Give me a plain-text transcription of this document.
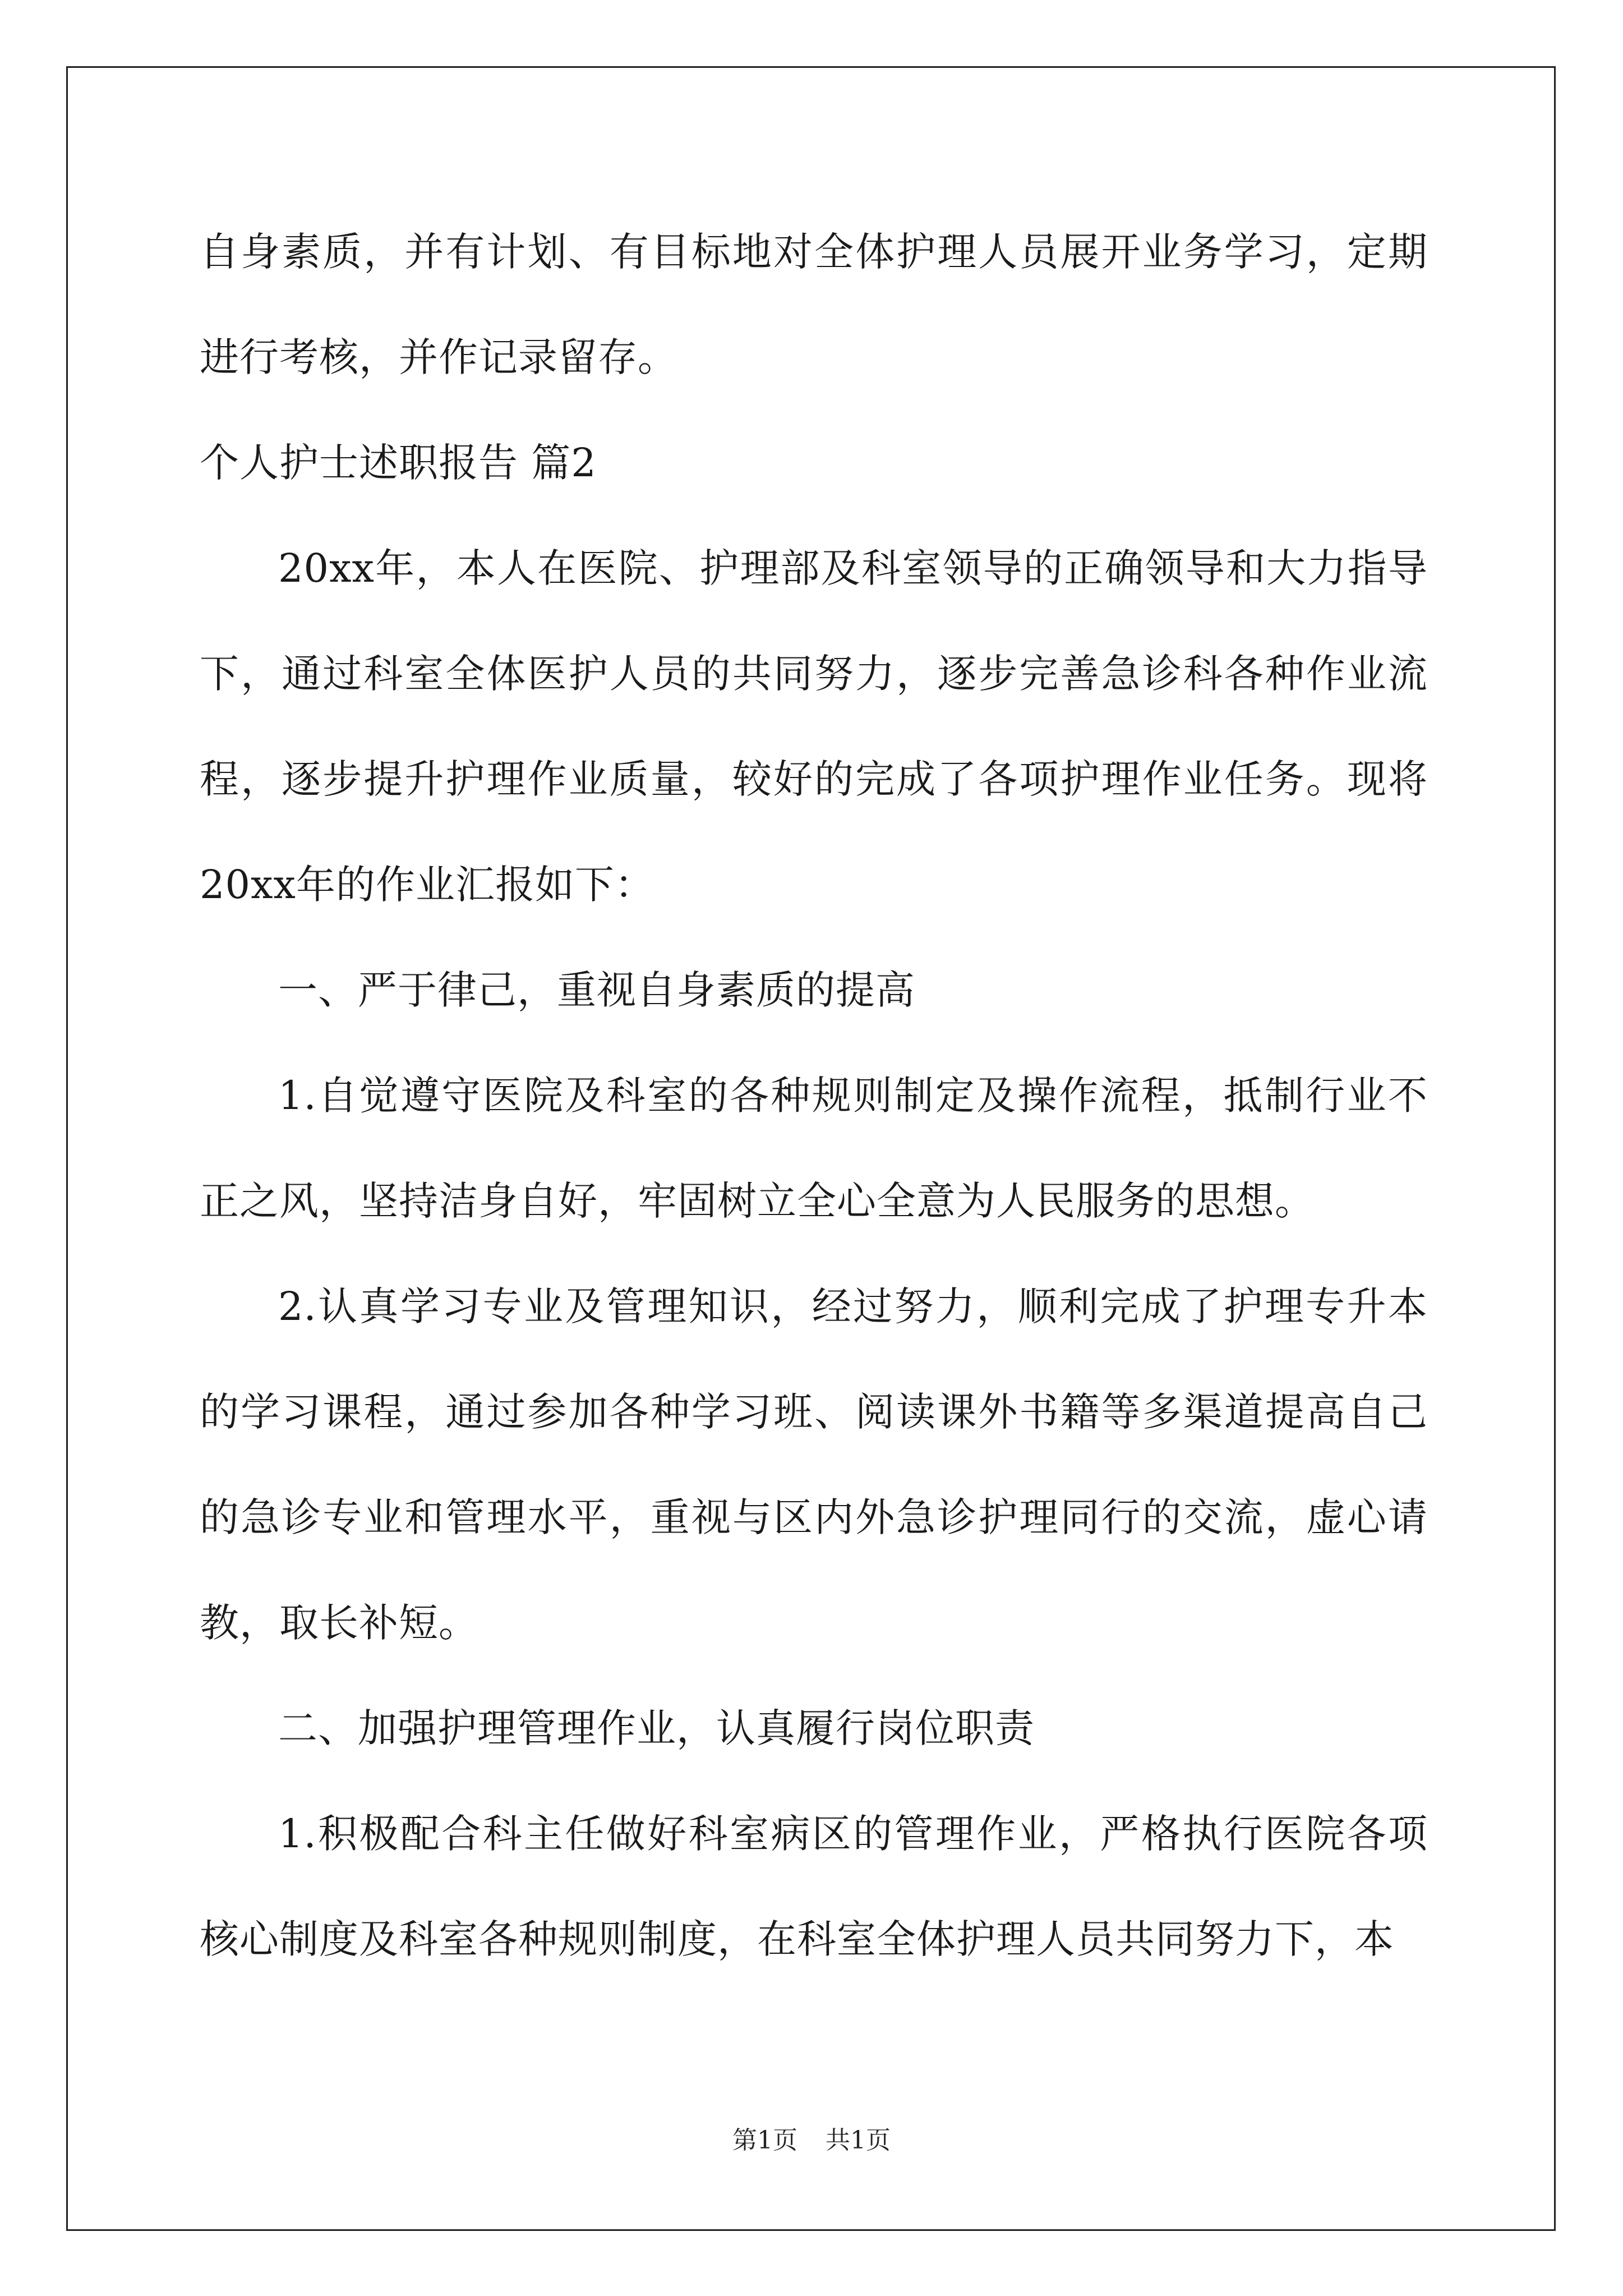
自身素质，并有计划、有目标地对全体护理人员展开业务学习，定期进行考核，并作记录留存。

个人护士述职报告 篇2

20xx年，本人在医院、护理部及科室领导的正确领导和大力指导下，通过科室全体医护人员的共同努力，逐步完善急诊科各种作业流程，逐步提升护理作业质量，较好的完成了各项护理作业任务。现将20xx年的作业汇报如下：

一、严于律己，重视自身素质的提高

1.自觉遵守医院及科室的各种规则制定及操作流程，抵制行业不正之风，坚持洁身自好，牢固树立全心全意为人民服务的思想。

2.认真学习专业及管理知识，经过努力，顺利完成了护理专升本的学习课程，通过参加各种学习班、阅读课外书籍等多渠道提高自己的急诊专业和管理水平，重视与区内外急诊护理同行的交流，虚心请教，取长补短。

二、加强护理管理作业，认真履行岗位职责

1.积极配合科主任做好科室病区的管理作业，严格执行医院各项核心制度及科室各种规则制度，在科室全体护理人员共同努力下，本

第1页 共1页
